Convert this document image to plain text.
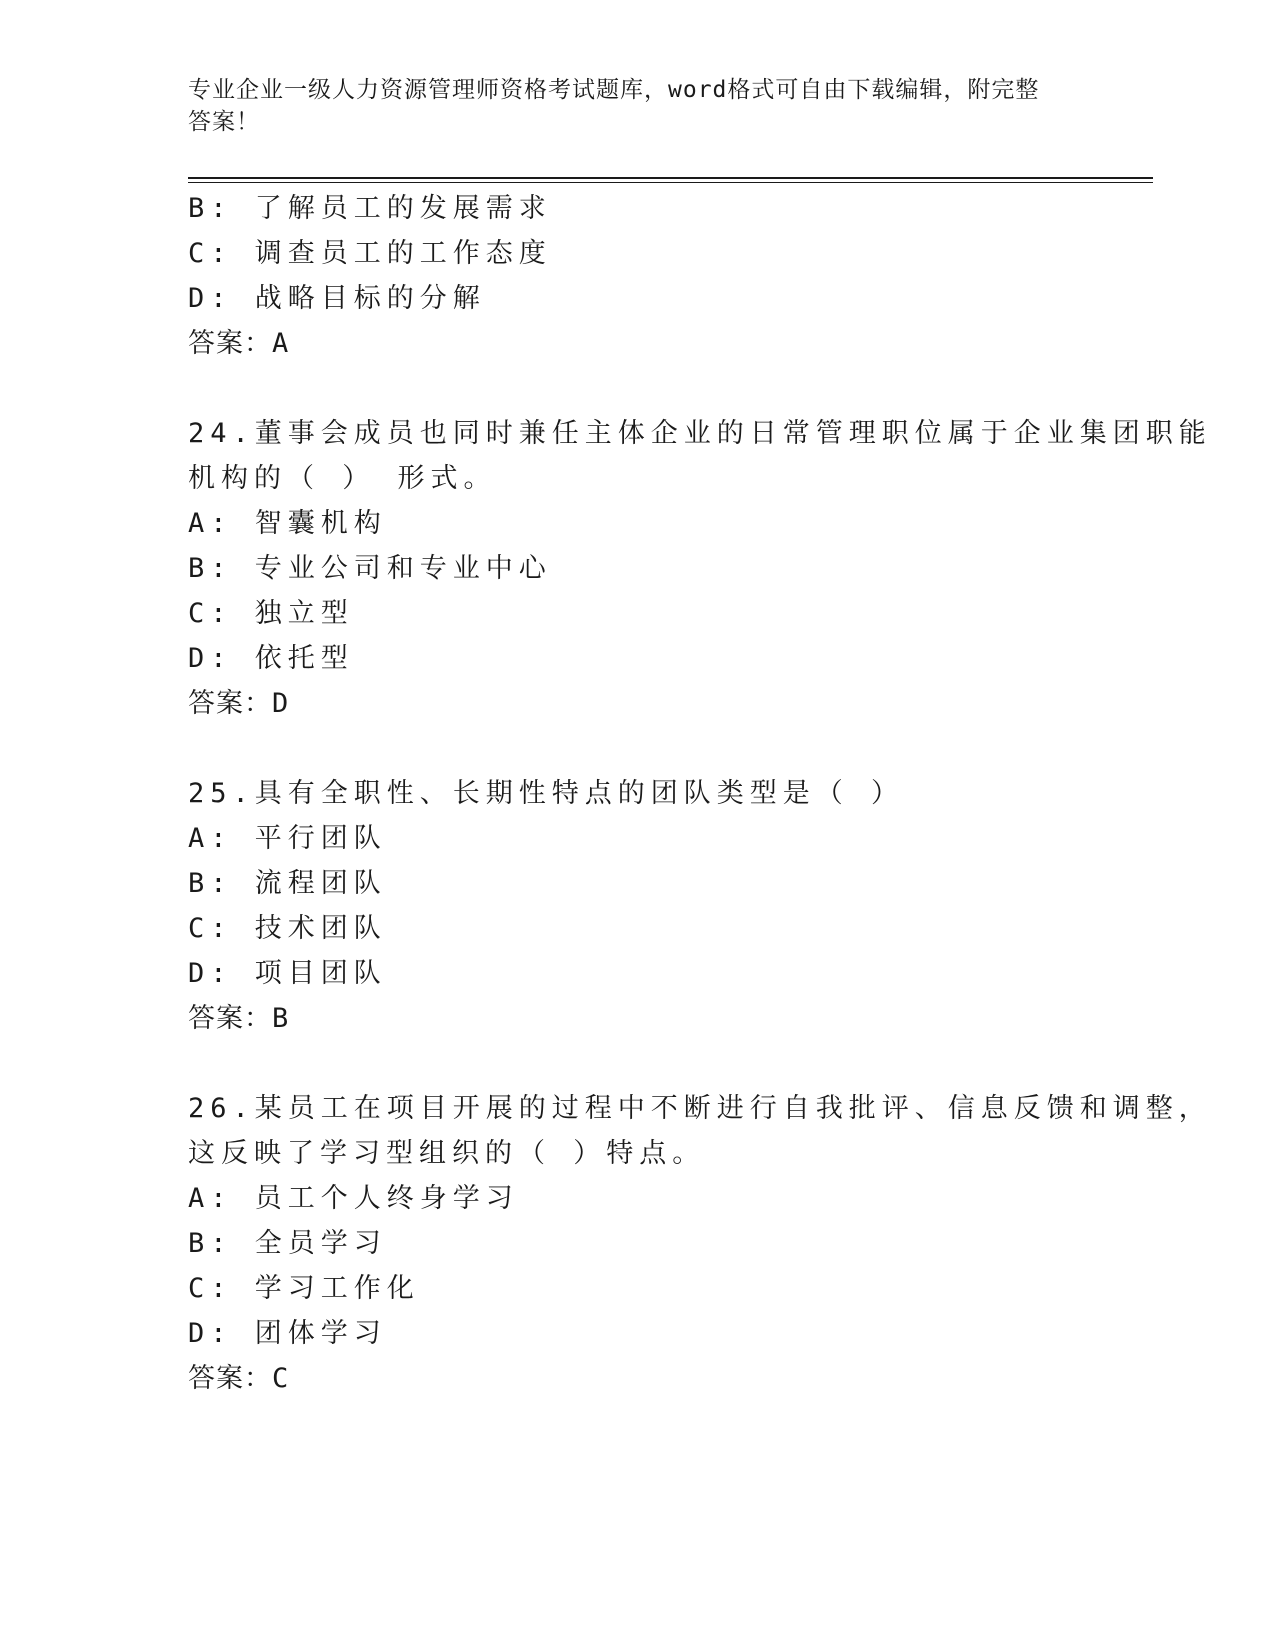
专业企业一级人力资源管理师资格考试题库，word格式可自由下载编辑，附完整
答案！
B: 了解员工的发展需求
C: 调查员工的工作态度
D: 战略目标的分解
答案：A
24.董事会成员也同时兼任主体企业的日常管理职位属于企业集团职能
机构的（ ） 形式。
A: 智囊机构
B: 专业公司和专业中心
C: 独立型
D: 依托型
答案：D
25.具有全职性、长期性特点的团队类型是（ ）
A: 平行团队
B: 流程团队
C: 技术团队
D: 项目团队
答案：B
26.某员工在项目开展的过程中不断进行自我批评、信息反馈和调整，
这反映了学习型组织的（ ）特点。
A: 员工个人终身学习
B: 全员学习
C: 学习工作化
D: 团体学习
答案：C
